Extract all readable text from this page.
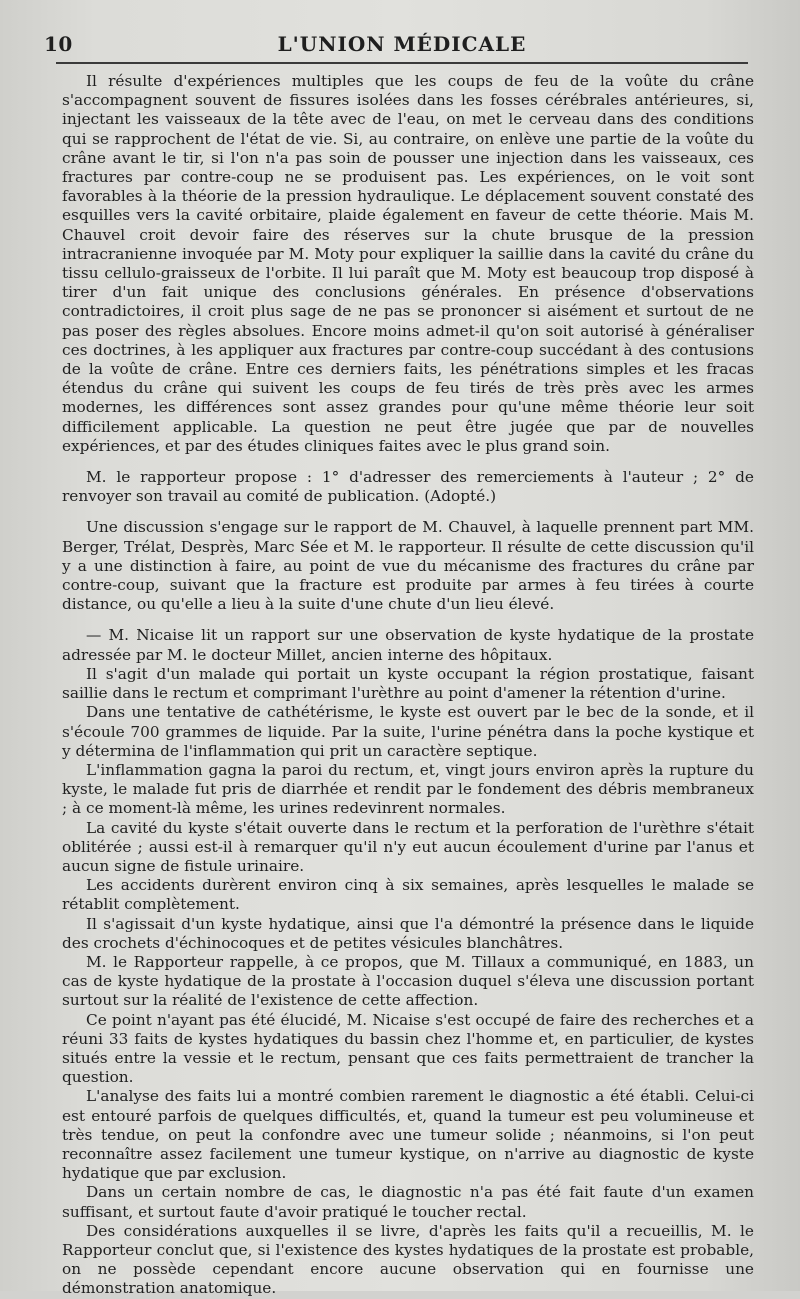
10	L'UNION MÉDICALE

Il résulte d'expériences multiples que les coups de feu de la voûte du crâne s'accompagnent souvent de fissures isolées dans les fosses cérébrales antérieures, si, injectant les vaisseaux de la tête avec de l'eau, on met le cerveau dans des conditions qui se rapprochent de l'état de vie. Si, au contraire, on enlève une partie de la voûte du crâne avant le tir, si l'on n'a pas soin de pousser une injection dans les vaisseaux, ces fractures par contre-coup ne se produisent pas. Les expériences, on le voit sont favorables à la théorie de la pression hydraulique. Le déplacement souvent constaté des esquilles vers la cavité orbitaire, plaide également en faveur de cette théorie. Mais M. Chauvel croit devoir faire des réserves sur la chute brusque de la pression intracranienne invoquée par M. Moty pour expliquer la saillie dans la cavité du crâne du tissu cellulo-graisseux de l'orbite. Il lui paraît que M. Moty est beaucoup trop disposé à tirer d'un fait unique des conclusions générales. En présence d'observations contradictoires, il croit plus sage de ne pas se prononcer si aisément et surtout de ne pas poser des règles absolues. Encore moins admet-il qu'on soit autorisé à généraliser ces doctrines, à les appliquer aux fractures par contre-coup succédant à des contusions de la voûte de crâne. Entre ces derniers faits, les pénétrations simples et les fracas étendus du crâne qui suivent les coups de feu tirés de très près avec les armes modernes, les différences sont assez grandes pour qu'une même théorie leur soit difficilement applicable. La question ne peut être jugée que par de nouvelles expériences, et par des études cliniques faites avec le plus grand soin.

M. le rapporteur propose : 1° d'adresser des remerciements à l'auteur ; 2° de renvoyer son travail au comité de publication. (Adopté.)

Une discussion s'engage sur le rapport de M. Chauvel, à laquelle prennent part MM. Berger, Trélat, Desprès, Marc Sée et M. le rapporteur. Il résulte de cette discussion qu'il y a une distinction à faire, au point de vue du mécanisme des fractures du crâne par contre-coup, suivant que la fracture est produite par armes à feu tirées à courte distance, ou qu'elle a lieu à la suite d'une chute d'un lieu élevé.

— M. Nicaise lit un rapport sur une observation de kyste hydatique de la prostate adressée par M. le docteur Millet, ancien interne des hôpitaux.

Il s'agit d'un malade qui portait un kyste occupant la région prostatique, faisant saillie dans le rectum et comprimant l'urèthre au point d'amener la rétention d'urine.

Dans une tentative de cathétérisme, le kyste est ouvert par le bec de la sonde, et il s'écoule 700 grammes de liquide. Par la suite, l'urine pénétra dans la poche kystique et y détermina de l'inflammation qui prit un caractère septique.

L'inflammation gagna la paroi du rectum, et, vingt jours environ après la rupture du kyste, le malade fut pris de diarrhée et rendit par le fondement des débris membraneux ; à ce moment-là même, les urines redevinrent normales.

La cavité du kyste s'était ouverte dans le rectum et la perforation de l'urèthre s'était oblitérée ; aussi est-il à remarquer qu'il n'y eut aucun écoulement d'urine par l'anus et aucun signe de fistule urinaire.

Les accidents durèrent environ cinq à six semaines, après lesquelles le malade se rétablit complètement.

Il s'agissait d'un kyste hydatique, ainsi que l'a démontré la présence dans le liquide des crochets d'échinocoques et de petites vésicules blanchâtres.

M. le Rapporteur rappelle, à ce propos, que M. Tillaux a communiqué, en 1883, un cas de kyste hydatique de la prostate à l'occasion duquel s'éleva une discussion portant surtout sur la réalité de l'existence de cette affection.

Ce point n'ayant pas été élucidé, M. Nicaise s'est occupé de faire des recherches et a réuni 33 faits de kystes hydatiques du bassin chez l'homme et, en particulier, de kystes situés entre la vessie et le rectum, pensant que ces faits permettraient de trancher la question.

L'analyse des faits lui a montré combien rarement le diagnostic a été établi. Celui-ci est entouré parfois de quelques difficultés, et, quand la tumeur est peu volumineuse et très tendue, on peut la confondre avec une tumeur solide ; néanmoins, si l'on peut reconnaître assez facilement une tumeur kystique, on n'arrive au diagnostic de kyste hydatique que par exclusion.

Dans un certain nombre de cas, le diagnostic n'a pas été fait faute d'un examen suffisant, et surtout faute d'avoir pratiqué le toucher rectal.

Des considérations auxquelles il se livre, d'après les faits qu'il a recueillis, M. le Rapporteur conclut que, si l'existence des kystes hydatiques de la prostate est probable, on ne possède cependant encore aucune observation qui en fournisse une démonstration anatomique.
